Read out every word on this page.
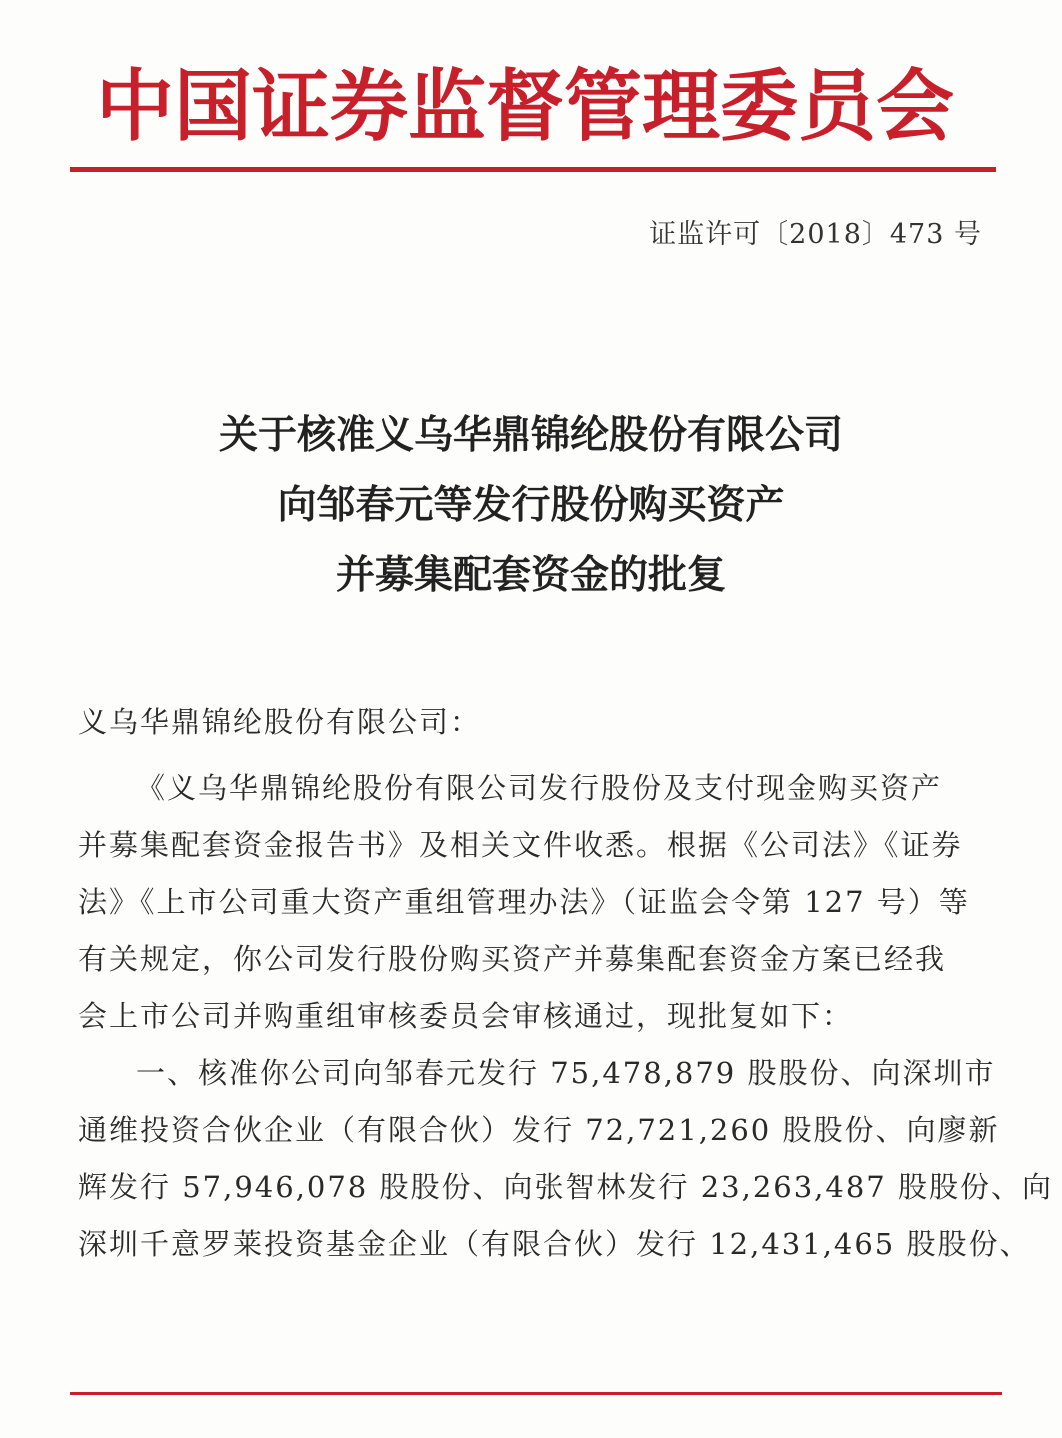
中国证券监督管理委员会
证监许可〔2018〕473 号
关于核准义乌华鼎锦纶股份有限公司
向邹春元等发行股份购买资产
并募集配套资金的批复
义乌华鼎锦纶股份有限公司：
《义乌华鼎锦纶股份有限公司发行股份及支付现金购买资产
并募集配套资金报告书》及相关文件收悉。根据《公司法》《证券
法》《上市公司重大资产重组管理办法》（证监会令第 127 号）等
有关规定，你公司发行股份购买资产并募集配套资金方案已经我
会上市公司并购重组审核委员会审核通过，现批复如下：
一、核准你公司向邹春元发行 75,478,879 股股份、向深圳市
通维投资合伙企业（有限合伙）发行 72,721,260 股股份、向廖新
辉发行 57,946,078 股股份、向张智林发行 23,263,487 股股份、向
深圳千意罗莱投资基金企业（有限合伙）发行 12,431,465 股股份、
